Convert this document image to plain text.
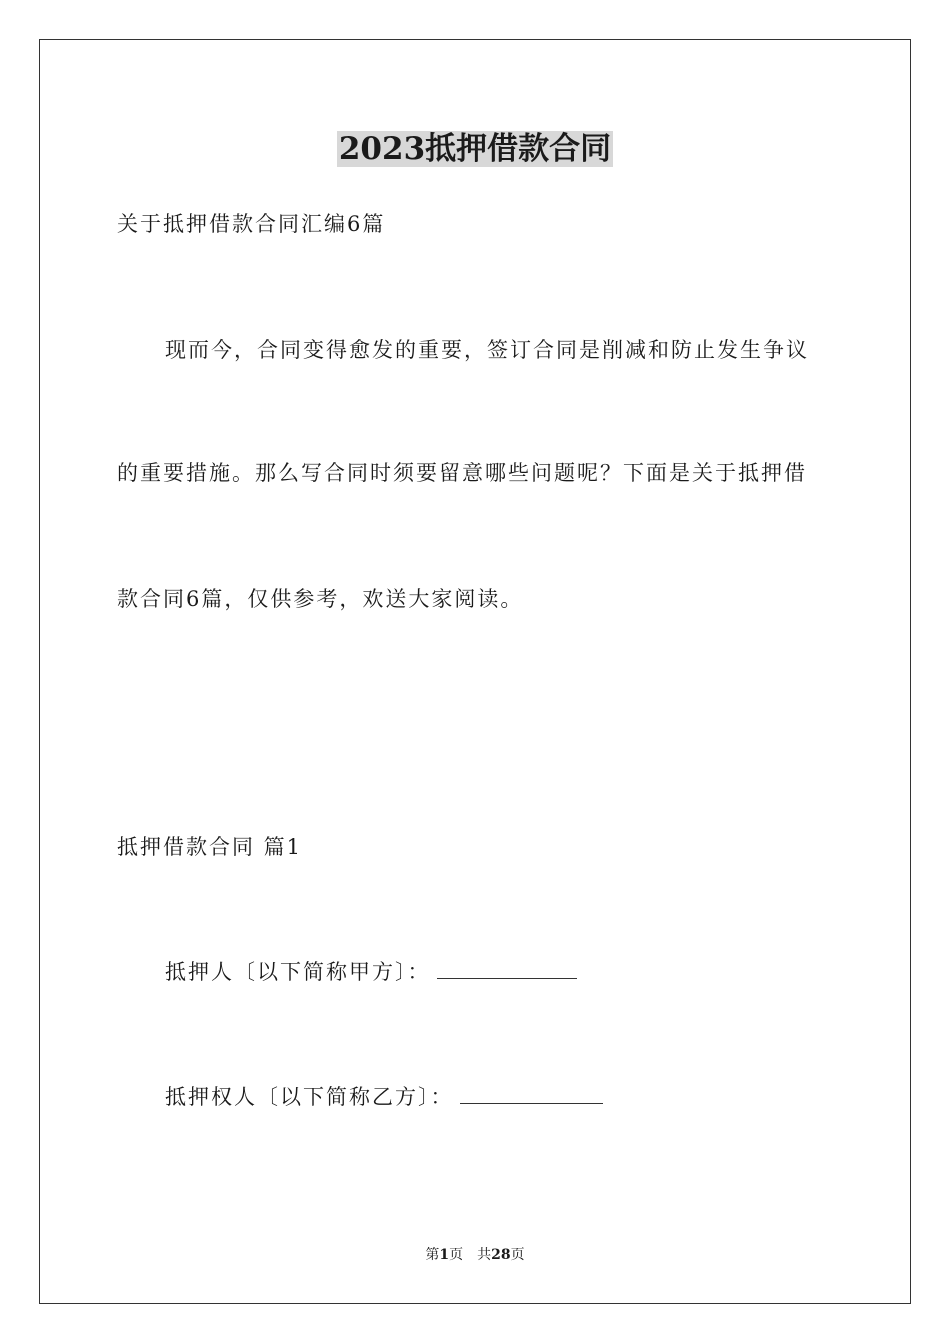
2023抵押借款合同
关于抵押借款合同汇编6篇
现而今，合同变得愈发的重要，签订合同是削减和防止发生争议
的重要措施。那么写合同时须要留意哪些问题呢？下面是关于抵押借
款合同6篇，仅供参考，欢送大家阅读。
抵押借款合同 篇1
抵押人〔以下简称甲方〕：
抵押权人〔以下简称乙方〕：
第1页　共28页
